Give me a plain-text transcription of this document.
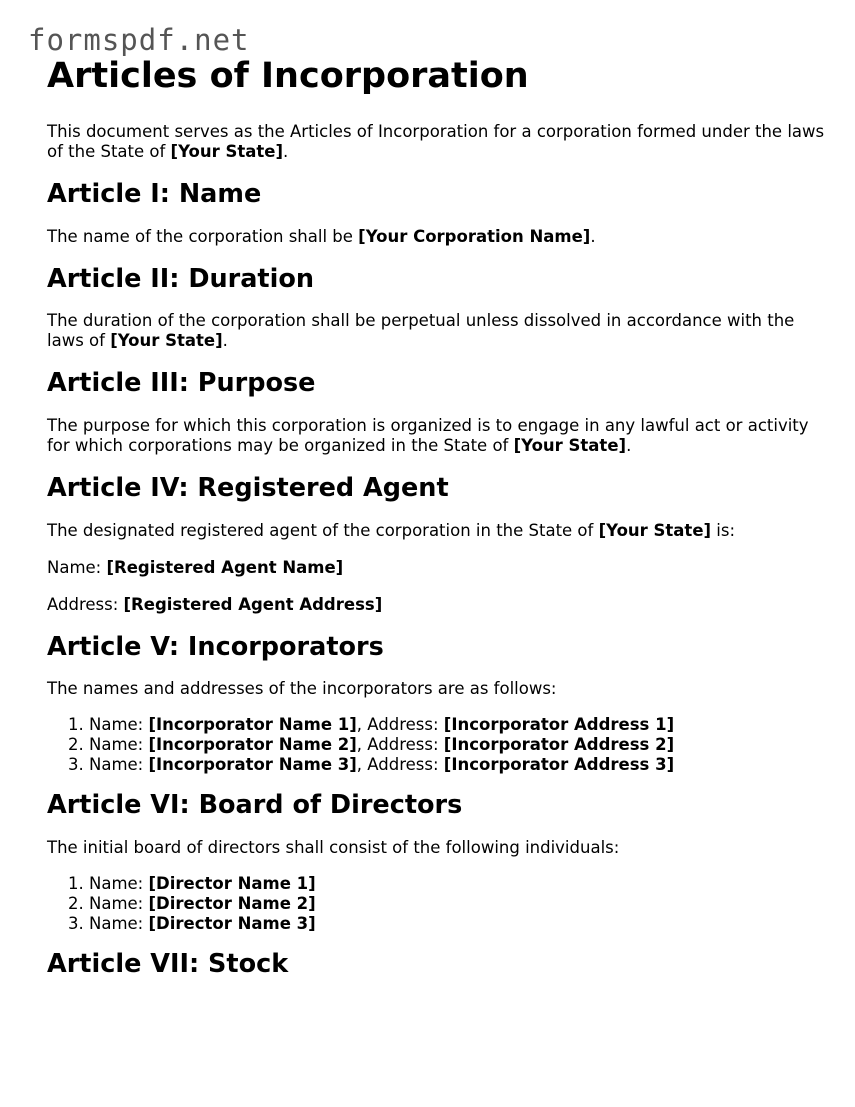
formspdf.net
Articles of Incorporation

This document serves as the Articles of Incorporation for a corporation formed under the laws of the State of [Your State].

Article I: Name

The name of the corporation shall be [Your Corporation Name].

Article II: Duration

The duration of the corporation shall be perpetual unless dissolved in accordance with the laws of [Your State].

Article III: Purpose

The purpose for which this corporation is organized is to engage in any lawful act or activity for which corporations may be organized in the State of [Your State].

Article IV: Registered Agent

The designated registered agent of the corporation in the State of [Your State] is:

Name: [Registered Agent Name]

Address: [Registered Agent Address]

Article V: Incorporators

The names and addresses of the incorporators are as follows:

1. Name: [Incorporator Name 1], Address: [Incorporator Address 1]
2. Name: [Incorporator Name 2], Address: [Incorporator Address 2]
3. Name: [Incorporator Name 3], Address: [Incorporator Address 3]
Article VI: Board of Directors

The initial board of directors shall consist of the following individuals:

1. Name: [Director Name 1]
2. Name: [Director Name 2]
3. Name: [Director Name 3]
Article VII: Stock
